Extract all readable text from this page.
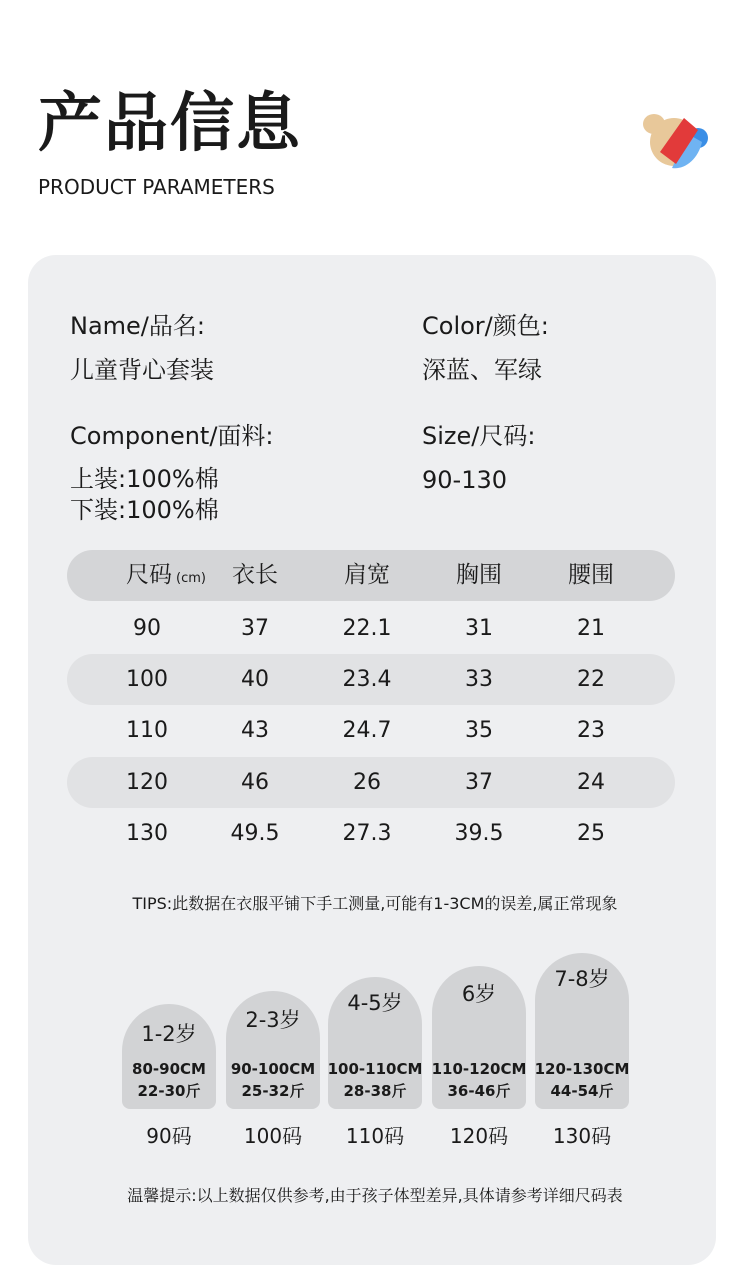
产品信息
PRODUCT PARAMETERS
Name/品名:
儿童背心套装
Color/颜色:
深蓝、军绿
Component/面料:
上装:100%棉
下装:100%棉
Size/尺码:
90-130
尺码 (cm)	衣长	肩宽	胸围	腰围
90	37	22.1	31	21
100	40	23.4	33	22
110	43	24.7	35	23
120	46	26	37	24
130	49.5	27.3	39.5	25
TIPS:此数据在衣服平铺下手工测量,可能有1-3CM的误差,属正常现象
1-2岁
80-90CM
22-30斤
2-3岁
90-100CM
25-32斤
4-5岁
100-110CM
28-38斤
6岁
110-120CM
36-46斤
7-8岁
120-130CM
44-54斤
90码	100码	110码	120码	130码
温馨提示:以上数据仅供参考,由于孩子体型差异,具体请参考详细尺码表
